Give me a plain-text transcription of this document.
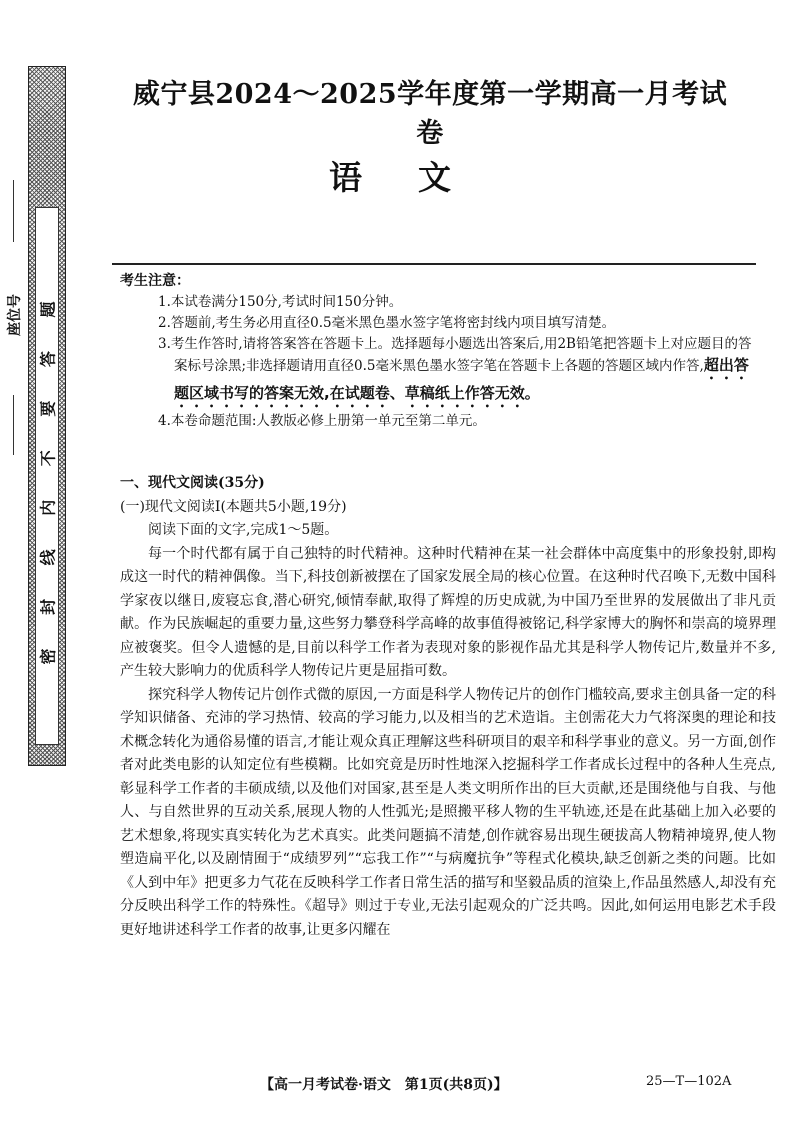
座位号 密 封 线 内 不 要 答 题
威宁县2024～2025学年度第一学期高一月考试卷
语文

考生注意：

1.本试卷满分150分,考试时间150分钟。
2.答题前,考生务必用直径0.5毫米黑色墨水签字笔将密封线内项目填写清楚。
3.考生作答时,请将答案答在答题卡上。选择题每小题选出答案后,用2B铅笔把答题卡上对应题目的答案标号涂黑;非选择题请用直径0.5毫米黑色墨水签字笔在答题卡上各题的答题区域内作答,超出答题区域书写的答案无效,在试题卷、草稿纸上作答无效。
4.本卷命题范围:人教版必修上册第一单元至第二单元。

一、现代文阅读(35分)

(一)现代文阅读Ⅰ(本题共5小题,19分)

阅读下面的文字,完成1～5题。

每一个时代都有属于自己独特的时代精神。这种时代精神在某一社会群体中高度集中的形象投射,即构成这一时代的精神偶像。当下,科技创新被摆在了国家发展全局的核心位置。在这种时代召唤下,无数中国科学家夜以继日,废寝忘食,潜心研究,倾情奉献,取得了辉煌的历史成就,为中国乃至世界的发展做出了非凡贡献。作为民族崛起的重要力量,这些努力攀登科学高峰的故事值得被铭记,科学家博大的胸怀和崇高的境界理应被褒奖。但令人遗憾的是,目前以科学工作者为表现对象的影视作品尤其是科学人物传记片,数量并不多,产生较大影响力的优质科学人物传记片更是屈指可数。

探究科学人物传记片创作式微的原因,一方面是科学人物传记片的创作门槛较高,要求主创具备一定的科学知识储备、充沛的学习热情、较高的学习能力,以及相当的艺术造诣。主创需花大力气将深奥的理论和技术概念转化为通俗易懂的语言,才能让观众真正理解这些科研项目的艰辛和科学事业的意义。另一方面,创作者对此类电影的认知定位有些模糊。比如究竟是历时性地深入挖掘科学工作者成长过程中的各种人生亮点,彰显科学工作者的丰硕成绩,以及他们对国家,甚至是人类文明所作出的巨大贡献,还是围绕他与自我、与他人、与自然世界的互动关系,展现人物的人性弧光;是照搬平移人物的生平轨迹,还是在此基础上加入必要的艺术想象,将现实真实转化为艺术真实。此类问题搞不清楚,创作就容易出现生硬拔高人物精神境界,使人物塑造扁平化,以及剧情囿于“成绩罗列”“忘我工作”“与病魔抗争”等程式化模块,缺乏创新之类的问题。比如《人到中年》把更多力气花在反映科学工作者日常生活的描写和坚毅品质的渲染上,作品虽然感人,却没有充分反映出科学工作的特殊性。《超导》则过于专业,无法引起观众的广泛共鸣。因此,如何运用电影艺术手段更好地讲述科学工作者的故事,让更多闪耀在

【高一月考试卷·语文　第1页(共8页)】	25—T—102A
